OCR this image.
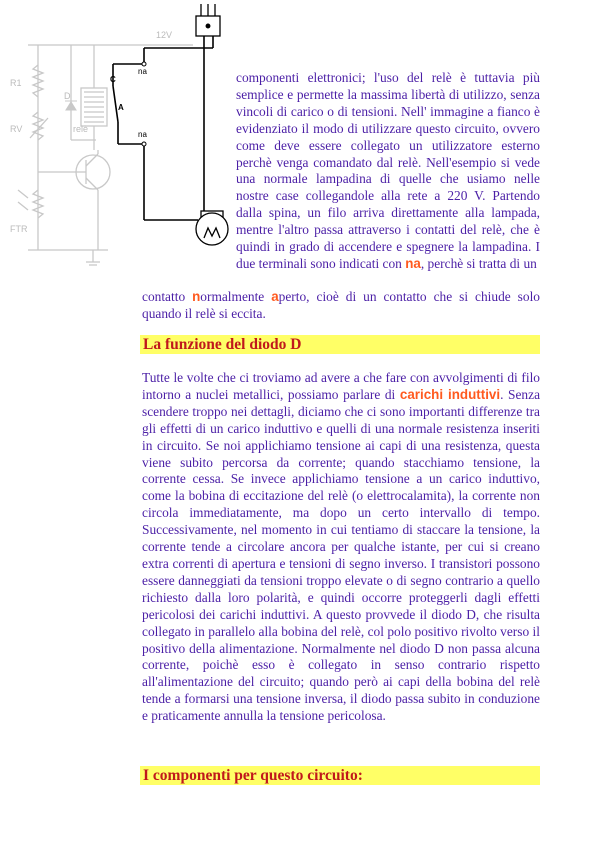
12V
na
na
C
A
D
relè
R1
RV
FTR
componenti elettronici; l'uso del relè è tuttavia più semplice e permette la massima libertà di utilizzo, senza vincoli di carico o di tensioni. Nell' immagine a fianco è evidenziato il modo di utilizzare questo circuito, ovvero come deve essere collegato un utilizzatore esterno perchè venga comandato dal relè. Nell'esempio si vede una normale lampadina di quelle che usiamo nelle nostre case collegandole alla rete a 220 V. Partendo dalla spina, un filo arriva direttamente alla lampada, mentre l'altro passa attraverso i contatti del relè, che è quindi in grado di accendere e spegnere la lampadina. I due terminali sono indicati con na, perchè si tratta di un
contatto normalmente aperto, cioè di un contatto che si chiude solo quando il relè si eccita.
La funzione del diodo D
Tutte le volte che ci troviamo ad avere a che fare con avvolgimenti di filo intorno a nuclei metallici, possiamo parlare di carichi induttivi. Senza scendere troppo nei dettagli, diciamo che ci sono importanti differenze tra gli effetti di un carico induttivo e quelli di una normale resistenza inseriti in circuito. Se noi applichiamo tensione ai capi di una resistenza, questa viene subito percorsa da corrente; quando stacchiamo tensione, la corrente cessa. Se invece applichiamo tensione a un carico induttivo, come la bobina di eccitazione del relè (o elettrocalamita), la corrente non circola immediatamente, ma dopo un certo intervallo di tempo. Successivamente, nel momento in cui tentiamo di staccare la tensione, la corrente tende a circolare ancora per qualche istante, per cui si creano extra correnti di apertura e tensioni di segno inverso. I transistori possono essere danneggiati da tensioni troppo elevate o di segno contrario a quello richiesto dalla loro polarità, e quindi occorre proteggerli dagli effetti pericolosi dei carichi induttivi. A questo provvede il diodo D, che risulta collegato in parallelo alla bobina del relè, col polo positivo rivolto verso il positivo della alimentazione. Normalmente nel diodo D non passa alcuna corrente, poichè esso è collegato in senso contrario rispetto all'alimentazione del circuito; quando però ai capi della bobina del relè tende a formarsi una tensione inversa, il diodo passa subito in conduzione e praticamente annulla la tensione pericolosa.
I componenti per questo circuito:
